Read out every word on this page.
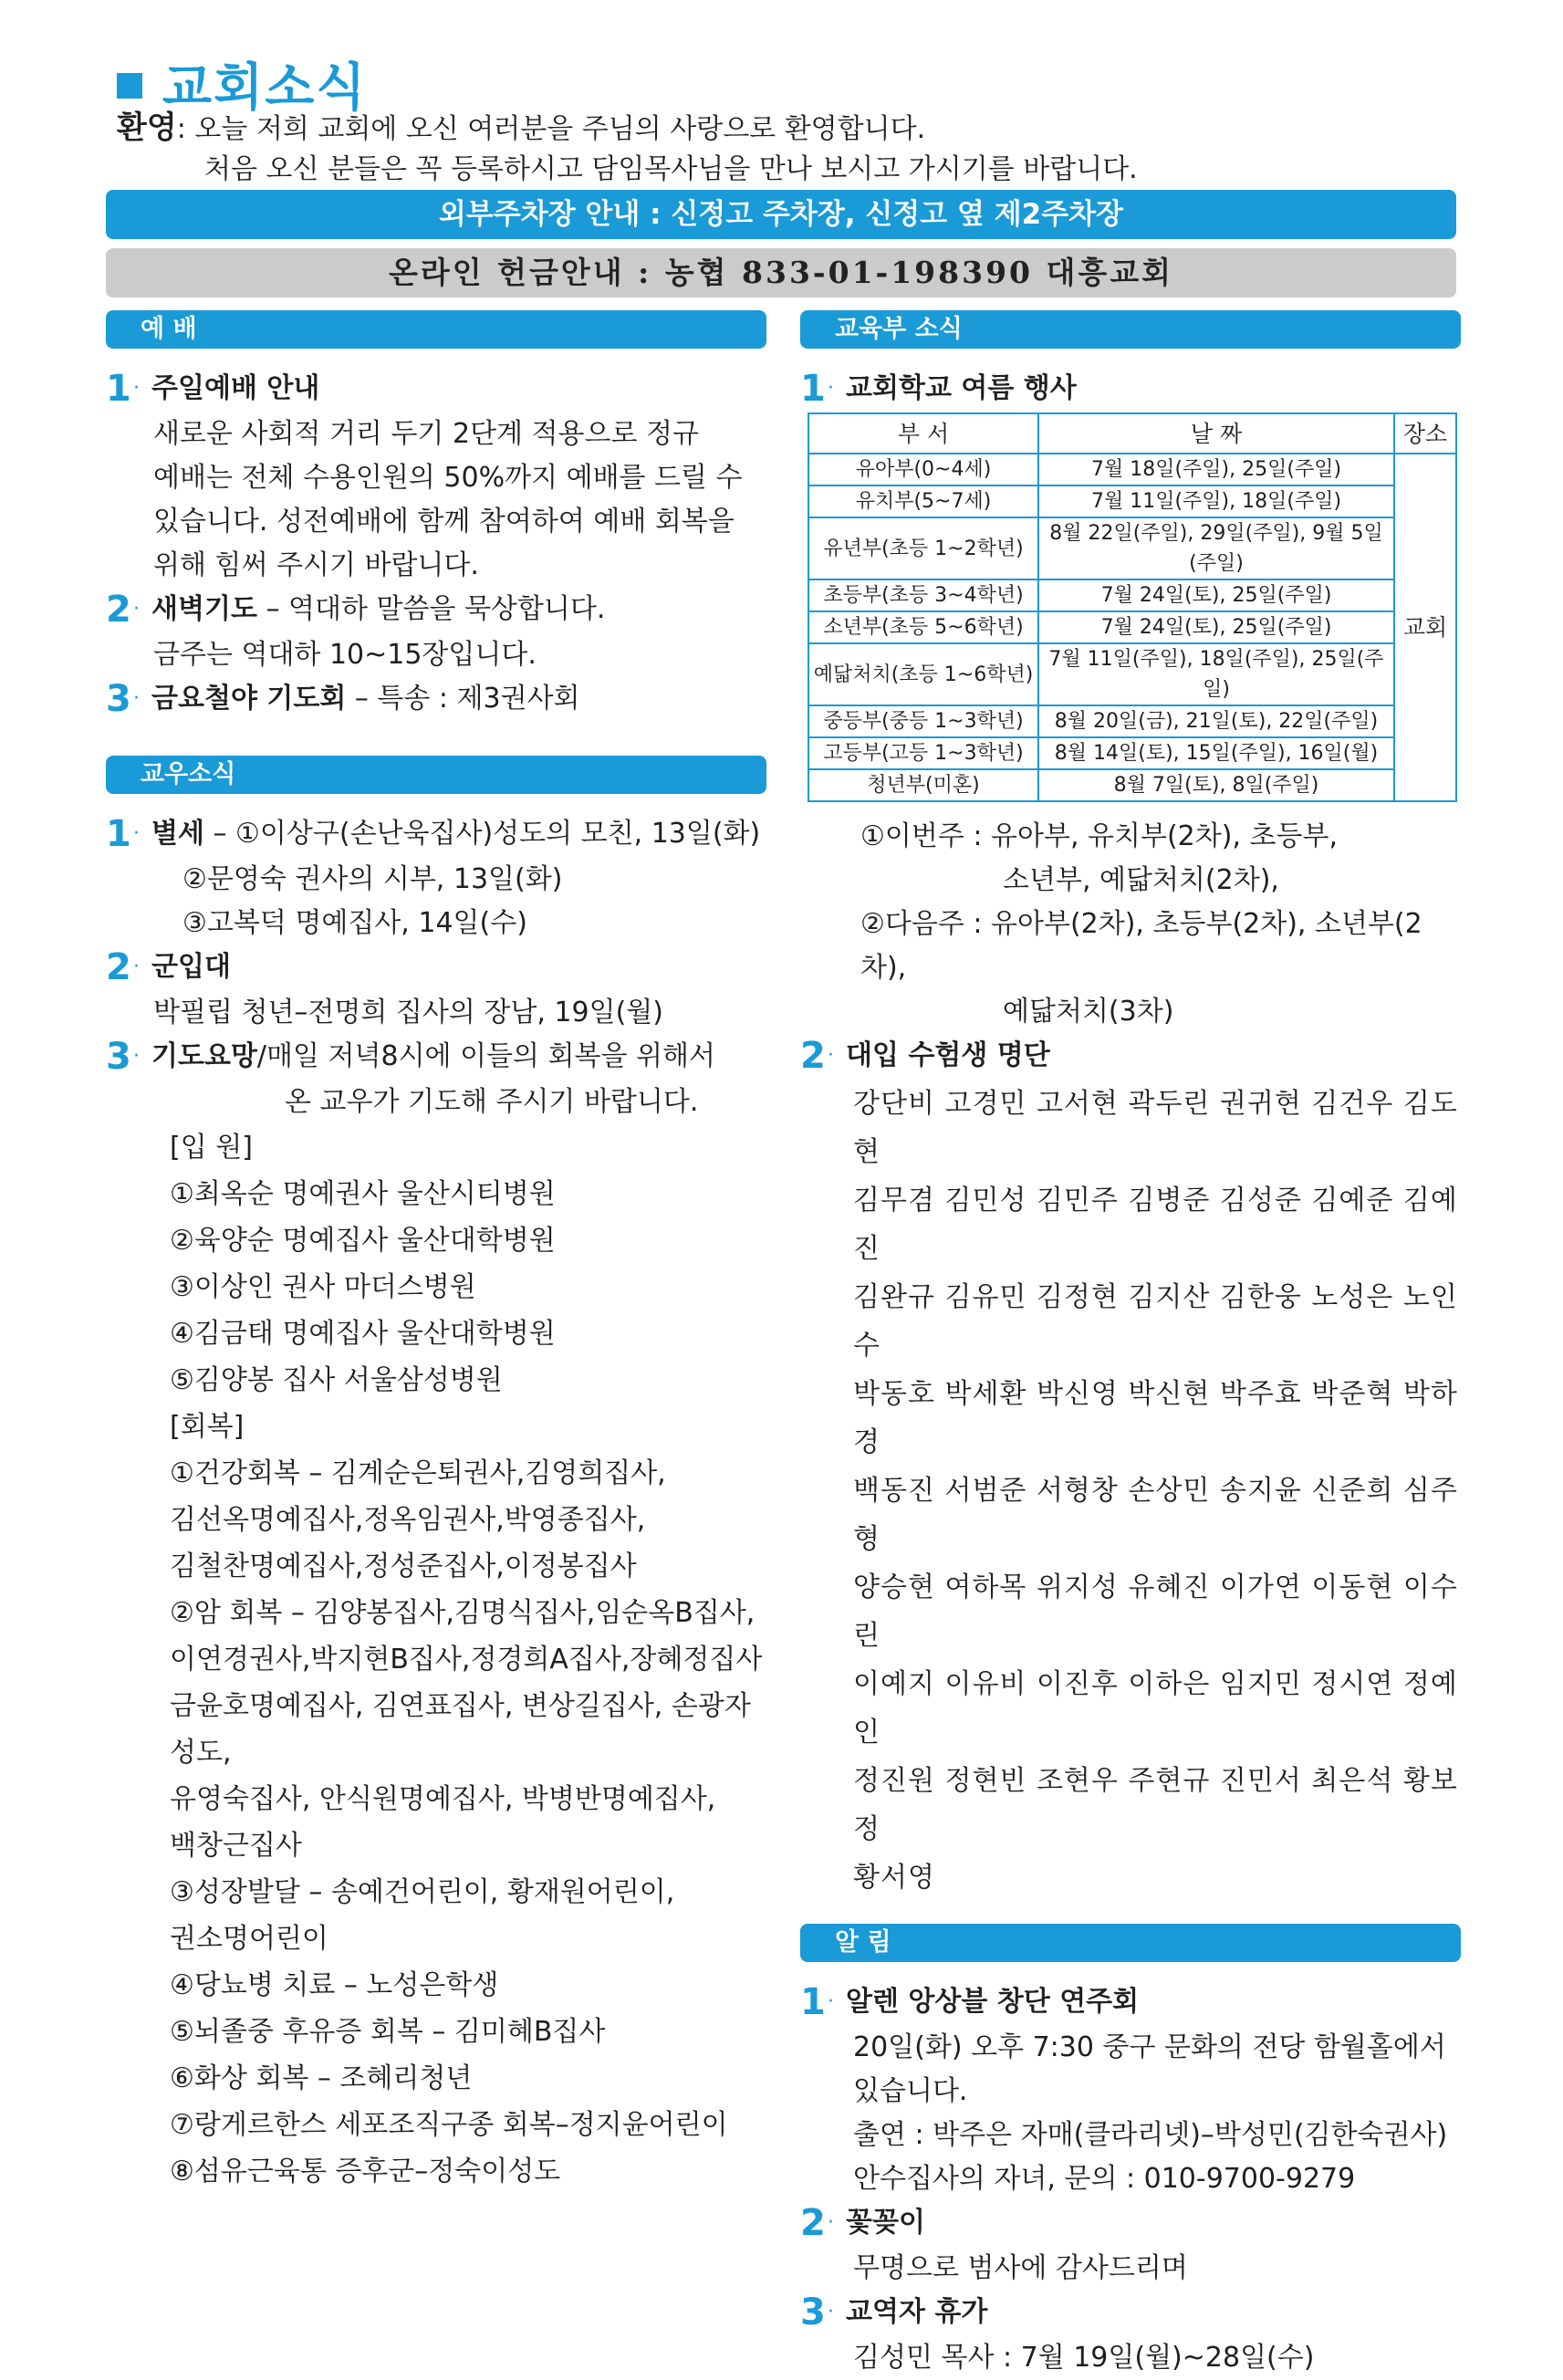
교회소식
환영: 오늘 저희 교회에 오신 여러분을 주님의 사랑으로 환영합니다.
처음 오신 분들은 꼭 등록하시고 담임목사님을 만나 보시고 가시기를 바랍니다.
외부주차장 안내 : 신정고 주차장, 신정고 옆 제2주차장
온라인 헌금안내 : 농협 833-01-198390 대흥교회
예 배
1 · 주일예배 안내
새로운 사회적 거리 두기 2단계 적용으로 정규
예배는 전체 수용인원의 50%까지 예배를 드릴 수
있습니다. 성전예배에 함께 참여하여 예배 회복을
위해 힘써 주시기 바랍니다.
2 · 새벽기도 – 역대하 말씀을 묵상합니다.
금주는 역대하 10~15장입니다.
3 · 금요철야 기도회 – 특송 : 제3권사회
교우소식
1 · 별세 – ①이상구(손난욱집사)성도의 모친, 13일(화)
②문영숙 권사의 시부, 13일(화)
③고복덕 명예집사, 14일(수)
2 · 군입대
박필립 청년–전명희 집사의 장남, 19일(월)
3 · 기도요망/매일 저녁8시에 이들의 회복을 위해서
온 교우가 기도해 주시기 바랍니다.
[입 원]
①최옥순 명예권사 울산시티병원
②육양순 명예집사 울산대학병원
③이상인 권사 마더스병원
④김금태 명예집사 울산대학병원
⑤김양봉 집사 서울삼성병원
[회복]
①건강회복 – 김계순은퇴권사,김영희집사,
김선옥명예집사,정옥임권사,박영종집사,
김철찬명예집사,정성준집사,이정봉집사
②암 회복 – 김양봉집사,김명식집사,임순옥B집사,
이연경권사,박지현B집사,정경희A집사,장혜정집사
금윤호명예집사, 김연표집사, 변상길집사, 손광자성도,
유영숙집사, 안식원명예집사, 박병반명예집사,
백창근집사
③성장발달 – 송예건어린이, 황재원어린이,
권소명어린이
④당뇨병 치료 – 노성은학생
⑤뇌졸중 후유증 회복 – 김미혜B집사
⑥화상 회복 – 조혜리청년
⑦랑게르한스 세포조직구종 회복–정지윤어린이
⑧섬유근육통 증후군–정숙이성도
교육부 소식
1 · 교회학교 여름 행사
부 서	날 짜	장소
유아부(0~4세)	7월 18일(주일), 25일(주일)	교회
유치부(5~7세)	7월 11일(주일), 18일(주일)	
유년부(초등 1~2학년)	8월 22일(주일), 29일(주일), 9월 5일(주일)	
초등부(초등 3~4학년)	7월 24일(토), 25일(주일)	
소년부(초등 5~6학년)	7월 24일(토), 25일(주일)	
예닯처치(초등 1~6학년)	7월 11일(주일), 18일(주일), 25일(주일)	
중등부(중등 1~3학년)	8월 20일(금), 21일(토), 22일(주일)	
고등부(고등 1~3학년)	8월 14일(토), 15일(주일), 16일(월)	
청년부(미혼)	8월 7일(토), 8일(주일)	
①이번주 : 유아부, 유치부(2차), 초등부,
소년부, 예닯처치(2차),
②다음주 : 유아부(2차), 초등부(2차), 소년부(2차),
예닯처치(3차)
2 · 대입 수험생 명단
강단비 고경민 고서현 곽두린 권귀현 김건우 김도현
김무겸 김민성 김민주 김병준 김성준 김예준 김예진
김완규 김유민 김정현 김지산 김한웅 노성은 노인수
박동호 박세환 박신영 박신현 박주효 박준혁 박하경
백동진 서범준 서형창 손상민 송지윤 신준희 심주형
양승현 여하목 위지성 유혜진 이가연 이동현 이수린
이예지 이유비 이진후 이하은 임지민 정시연 정예인
정진원 정현빈 조현우 주현규 진민서 최은석 황보정
황서영
알 림
1 · 알렌 앙상블 창단 연주회
20일(화) 오후 7:30 중구 문화의 전당 함월홀에서
있습니다.
출연 : 박주은 자매(클라리넷)–박성민(김한숙권사)
안수집사의 자녀, 문의 : 010-9700-9279
2 · 꽃꽂이
무명으로 범사에 감사드리며
3 · 교역자 휴가
김성민 목사 : 7월 19일(월)~28일(수)
